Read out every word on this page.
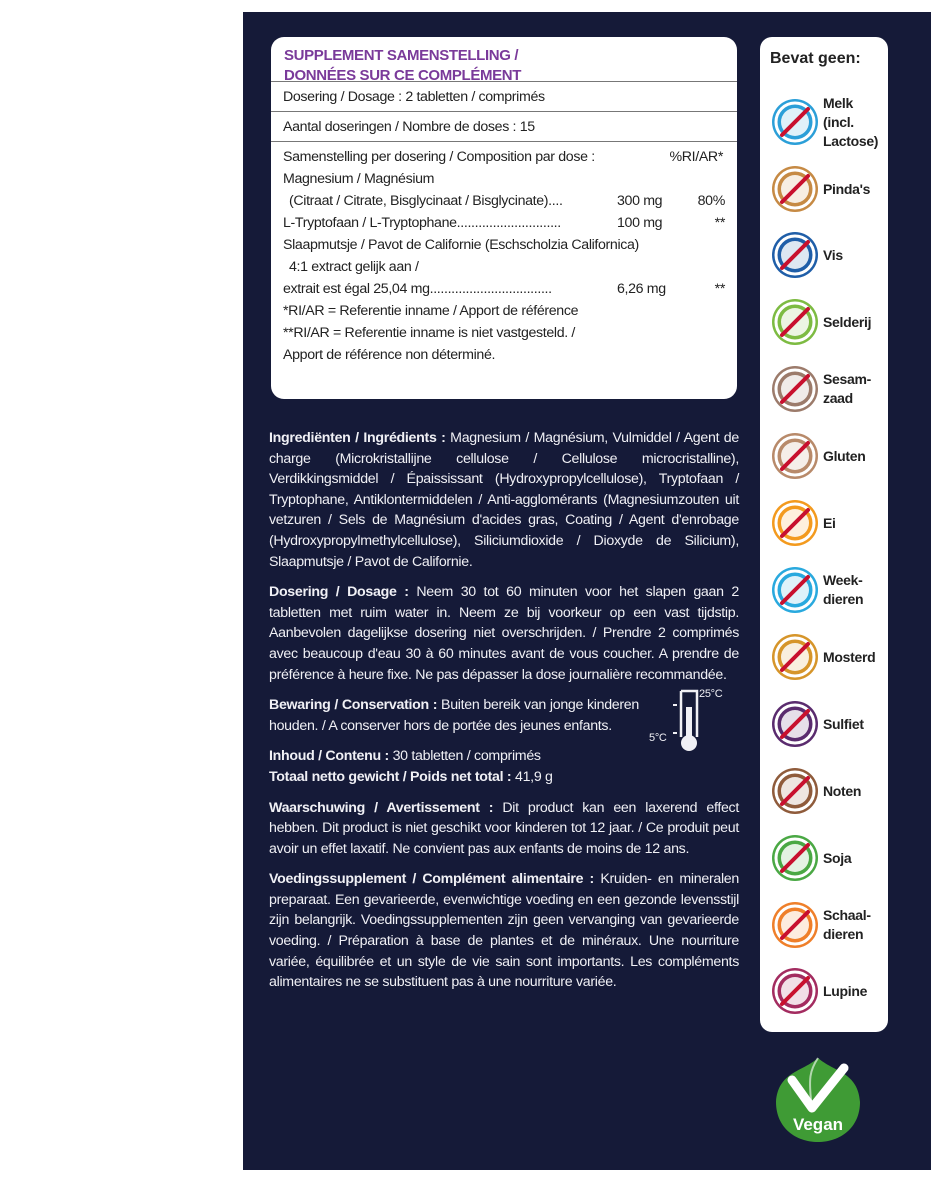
SUPPLEMENT SAMENSTELLING /
DONNÉES SUR CE COMPLÉMENT
Dosering / Dosage : 2 tabletten / comprimés
Aantal doseringen / Nombre de doses : 15
Samenstelling per dosering / Composition par dose :	%RI/AR*
Magnesium / Magnésium
(Citraat / Citrate, Bisglycinaat / Bisglycinate)....	300 mg 80%
L-Tryptofaan / L-Tryptophane.............................	100 mg	**
Slaapmutsje / Pavot de Californie (Eschscholzia Californica)
4:1 extract gelijk aan /
extrait est égal 25,04 mg..................................	6,26 mg	**
*RI/AR = Referentie inname / Apport de référence
**RI/AR = Referentie inname is niet vastgesteld. /
Apport de référence non déterminé.

Ingrediënten / Ingrédients : Magnesium / Magnésium, Vulmiddel / Agent de charge (Microkristallijne cellulose / Cellulose microcristalline), Verdikkingsmiddel / Épaississant (Hydroxypropylcellulose), Tryptofaan / Tryptophane, Antiklontermiddelen / Anti-agglomérants (Magnesiumzouten uit vetzuren / Sels de Magnésium d'acides gras, Coating / Agent d'enrobage (Hydroxypropylmethylcellulose), Siliciumdioxide / Dioxyde de Silicium), Slaapmutsje / Pavot de Californie.

Dosering / Dosage : Neem 30 tot 60 minuten voor het slapen gaan 2 tabletten met ruim water in. Neem ze bij voorkeur op een vast tijdstip. Aanbevolen dagelijkse dosering niet overschrijden. / Prendre 2 comprimés avec beaucoup d'eau 30 à 60 minutes avant de vous coucher. A prendre de préférence à heure fixe. Ne pas dépasser la dose journalière recommandée.

Bewaring / Conservation : Buiten bereik van jonge kinderen houden. / A conserver hors de portée des jeunes enfants.
25°C
5°C

Inhoud / Contenu : 30 tabletten / comprimés
Totaal netto gewicht / Poids net total : 41,9 g

Waarschuwing / Avertissement : Dit product kan een laxerend effect hebben. Dit product is niet geschikt voor kinderen tot 12 jaar. / Ce produit peut avoir un effet laxatif. Ne convient pas aux enfants de moins de 12 ans.

Voedingssupplement / Complément alimentaire : Kruiden- en mineralen preparaat. Een gevarieerde, evenwichtige voeding en een gezonde levensstijl zijn belangrijk. Voedingssupplementen zijn geen vervanging van gevarieerde voeding. / Préparation à base de plantes et de minéraux. Une nourriture variée, équilibrée et un style de vie sain sont importants. Les compléments alimentaires ne se substituent pas à une nourriture variée.

Bevat geen:
Melk
(incl.
Lactose)
Pinda's
Vis
Selderij
Sesam-
zaad
Gluten
Ei
Week-
dieren
Mosterd
Sulfiet
Noten
Soja
Schaal-
dieren
Lupine
Vegan
